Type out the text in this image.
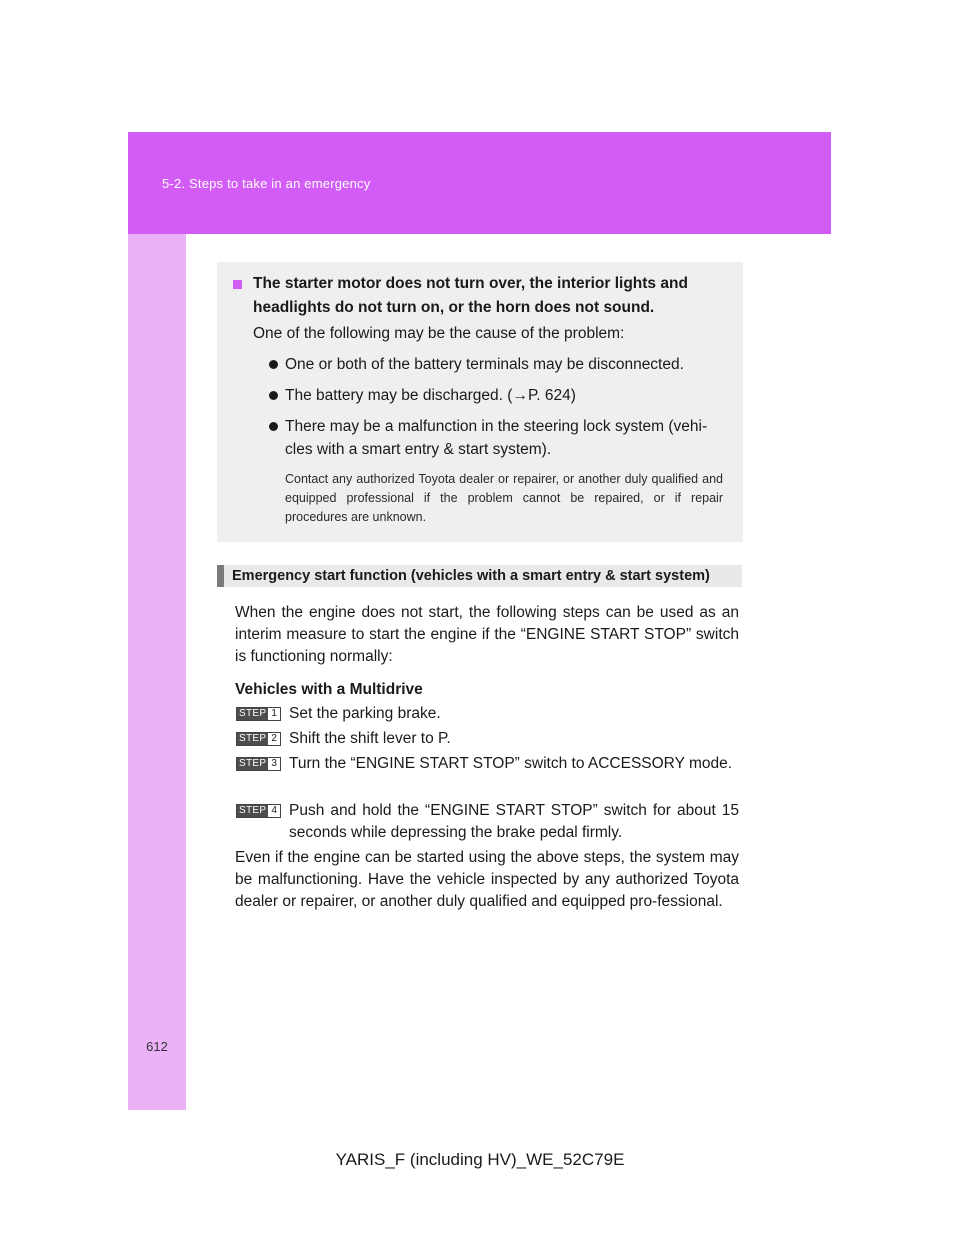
5-2. Steps to take in an emergency
612
The starter motor does not turn over, the interior lights and headlights do not turn on, or the horn does not sound.
One of the following may be the cause of the problem:
One or both of the battery terminals may be disconnected.
The battery may be discharged. (→P. 624)
There may be a malfunction in the steering lock system (vehi-cles with a smart entry & start system).
Contact any authorized Toyota dealer or repairer, or another duly qualified and equipped professional if the problem cannot be repaired, or if repair procedures are unknown.
Emergency start function (vehicles with a smart entry & start system)
When the engine does not start, the following steps can be used as an interim measure to start the engine if the “ENGINE START STOP” switch is functioning normally:
Vehicles with a Multidrive
STEP 1 Set the parking brake.
STEP 2 Shift the shift lever to P.
STEP 3 Turn the “ENGINE START STOP” switch to ACCESSORY mode.
STEP 4 Push and hold the “ENGINE START STOP” switch for about 15 seconds while depressing the brake pedal firmly.
Even if the engine can be started using the above steps, the system may be malfunctioning. Have the vehicle inspected by any authorized Toyota dealer or repairer, or another duly qualified and equipped pro-fessional.
YARIS_F (including HV)_WE_52C79E
